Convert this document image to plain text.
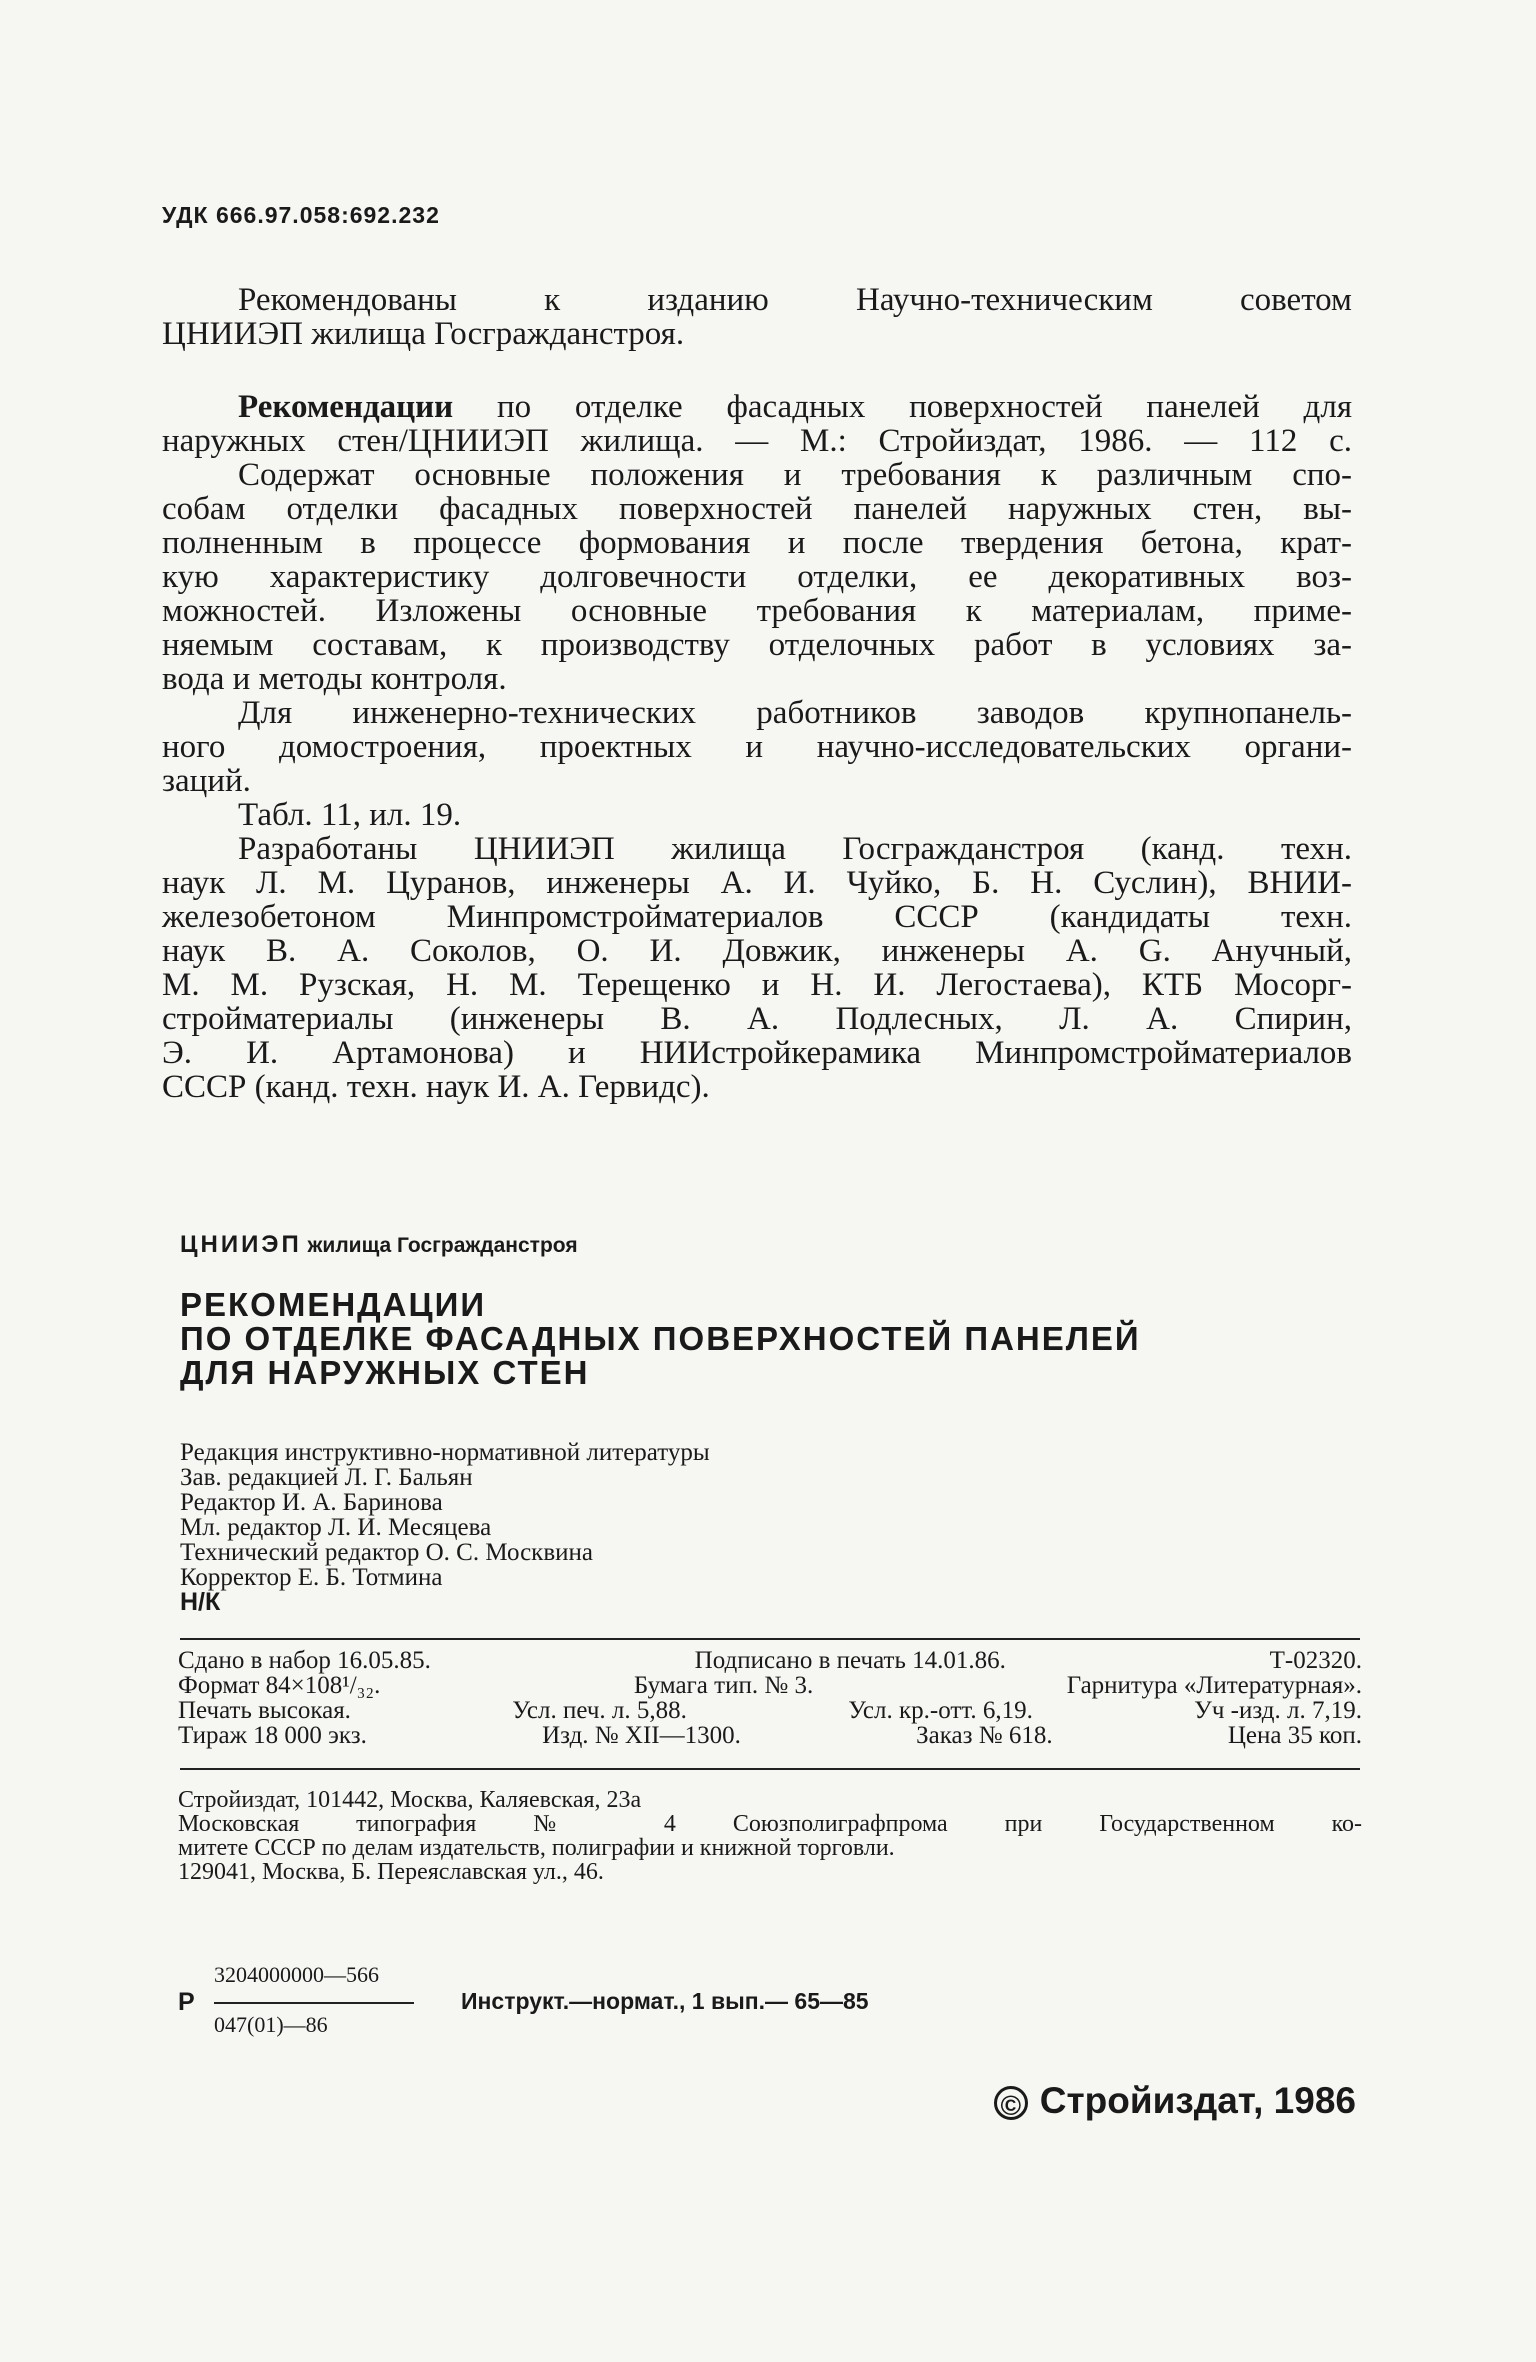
УДК 666.97.058:692.232
Рекомендованы	к	изданию	Научно-техническим	советом
ЦНИИЭП жилища Госгражданстроя.
Рекомендации по отделке фасадных поверхностей панелей для
наружных стен/ЦНИИЭП жилища. — М.: Стройиздат, 1986. — 112 с.
Содержат основные положения и требования к различным спо-
собам отделки фасадных поверхностей панелей наружных стен, вы-
полненным в процессе формования и после твердения бетона, крат-
кую характеристику долговечности отделки, ее декоративных воз-
можностей. Изложены основные требования к материалам, приме-
няемым составам, к производству отделочных работ в условиях за-
вода и методы контроля.
Для инженерно-технических работников заводов крупнопанель-
ного домостроения, проектных и научно-исследовательских органи-
заций.
Табл. 11, ил. 19.
Разработаны ЦНИИЭП жилища Госгражданстроя (канд. техн.
наук Л. М. Цуранов, инженеры А. И. Чуйко, Б. Н. Суслин), ВНИИ-
железобетоном Минпромстройматериалов СССР (кандидаты техн.
наук В. А. Соколов, О. И. Довжик, инженеры А. G. Анучный,
М. М. Рузская, Н. М. Терещенко и Н. И. Легостаева), КТБ Мосорг-
стройматериалы (инженеры В. А. Подлесных, Л. А. Спирин,
Э. И. Артамонова) и НИИстройкерамика Минпромстройматериалов
СССР (канд. техн. наук И. А. Гервидс).
ЦНИИЭП жилища Госгражданстроя
РЕКОМЕНДАЦИИ
ПО ОТДЕЛКЕ ФАСАДНЫХ ПОВЕРХНОСТЕЙ ПАНЕЛЕЙ
ДЛЯ НАРУЖНЫХ СТЕН
Редакция инструктивно-нормативной литературы
Зав. редакцией Л. Г. Бальян
Редактор И. А. Баринова
Мл. редактор Л. И. Месяцева
Технический редактор О. С. Москвина
Корректор Е. Б. Тотмина
Н/К
Сдано в набор 16.05.85.	Подписано в печать 14.01.86.	Т-02320.
Формат 84×108¹/₃₂.	Бумага тип. № 3.	Гарнитура «Литературная».
Печать высокая.	Усл. печ. л. 5,88.	Усл. кр.-отт. 6,19.	Уч -изд. л. 7,19.
Тираж 18 000 экз.	Изд. № XII—1300.	Заказ № 618.	Цена 35 коп.
Стройиздат, 101442, Москва, Каляевская, 23а
Московская типография № 4 Союзполиграфпрома при Государственном ко-
митете СССР по делам издательств, полиграфии и книжной торговли.
129041, Москва, Б. Переяславская ул., 46.
3204000000—566
Р
047(01)—86
Инструкт.—нормат., 1 вып.— 65—85
© Стройиздат, 1986
